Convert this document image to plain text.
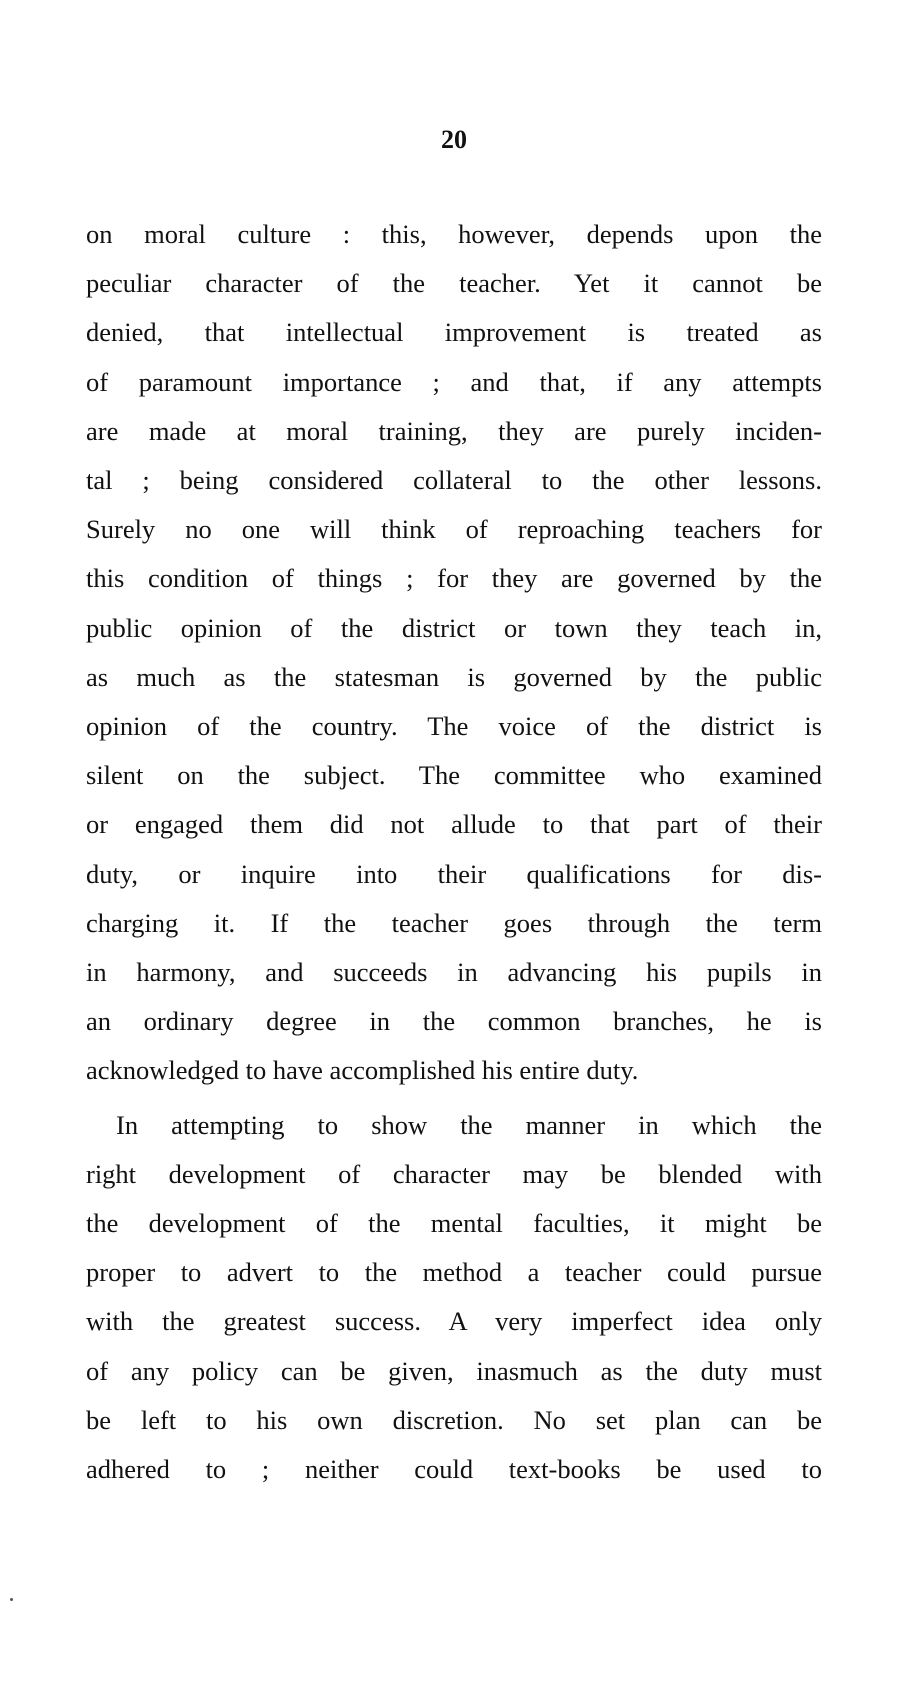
20

on moral culture : this, however, depends upon the
peculiar character of the teacher. Yet it cannot be
denied, that intellectual improvement is treated as
of paramount importance ; and that, if any attempts
are made at moral training, they are purely inciden-
tal ; being considered collateral to the other lessons.
Surely no one will think of reproaching teachers for
this condition of things ; for they are governed by the
public opinion of the district or town they teach in,
as much as the statesman is governed by the public
opinion of the country. The voice of the district is
silent on the subject. The committee who examined
or engaged them did not allude to that part of their
duty, or inquire into their qualifications for dis-
charging it. If the teacher goes through the term
in harmony, and succeeds in advancing his pupils in
an ordinary degree in the common branches, he is
acknowledged to have accomplished his entire duty.

In attempting to show the manner in which the
right development of character may be blended with
the development of the mental faculties, it might be
proper to advert to the method a teacher could pursue
with the greatest success. A very imperfect idea only
of any policy can be given, inasmuch as the duty must
be left to his own discretion. No set plan can be
adhered to ; neither could text-books be used to
